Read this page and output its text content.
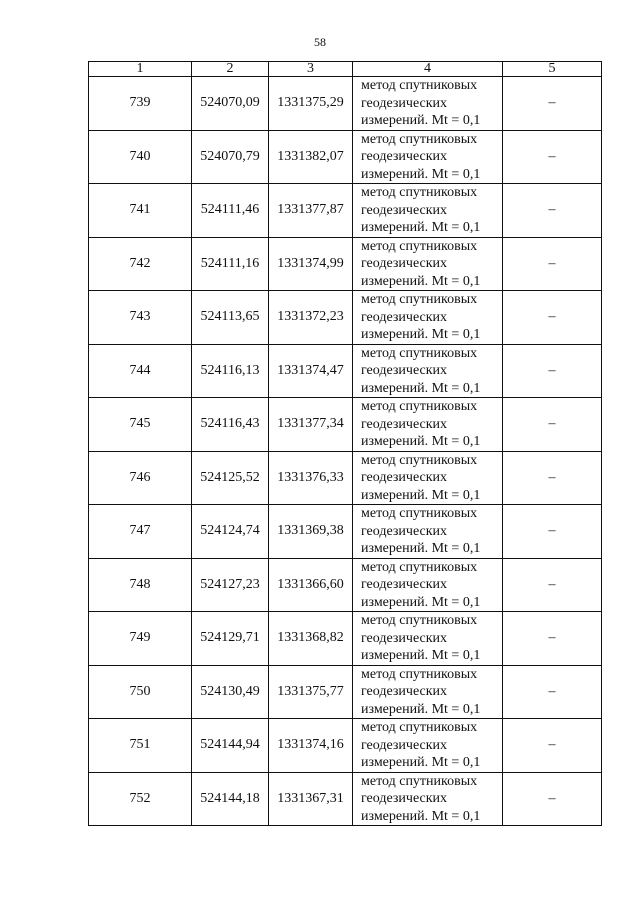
58
1	2	3	4	5
739	524070,09	1331375,29	метод спутниковых
геодезических
измерений. Mt = 0,1	–
740	524070,79	1331382,07	метод спутниковых
геодезических
измерений. Mt = 0,1	–
741	524111,46	1331377,87	метод спутниковых
геодезических
измерений. Mt = 0,1	–
742	524111,16	1331374,99	метод спутниковых
геодезических
измерений. Mt = 0,1	–
743	524113,65	1331372,23	метод спутниковых
геодезических
измерений. Mt = 0,1	–
744	524116,13	1331374,47	метод спутниковых
геодезических
измерений. Mt = 0,1	–
745	524116,43	1331377,34	метод спутниковых
геодезических
измерений. Mt = 0,1	–
746	524125,52	1331376,33	метод спутниковых
геодезических
измерений. Mt = 0,1	–
747	524124,74	1331369,38	метод спутниковых
геодезических
измерений. Mt = 0,1	–
748	524127,23	1331366,60	метод спутниковых
геодезических
измерений. Mt = 0,1	–
749	524129,71	1331368,82	метод спутниковых
геодезических
измерений. Mt = 0,1	–
750	524130,49	1331375,77	метод спутниковых
геодезических
измерений. Mt = 0,1	–
751	524144,94	1331374,16	метод спутниковых
геодезических
измерений. Mt = 0,1	–
752	524144,18	1331367,31	метод спутниковых
геодезических
измерений. Mt = 0,1	–
